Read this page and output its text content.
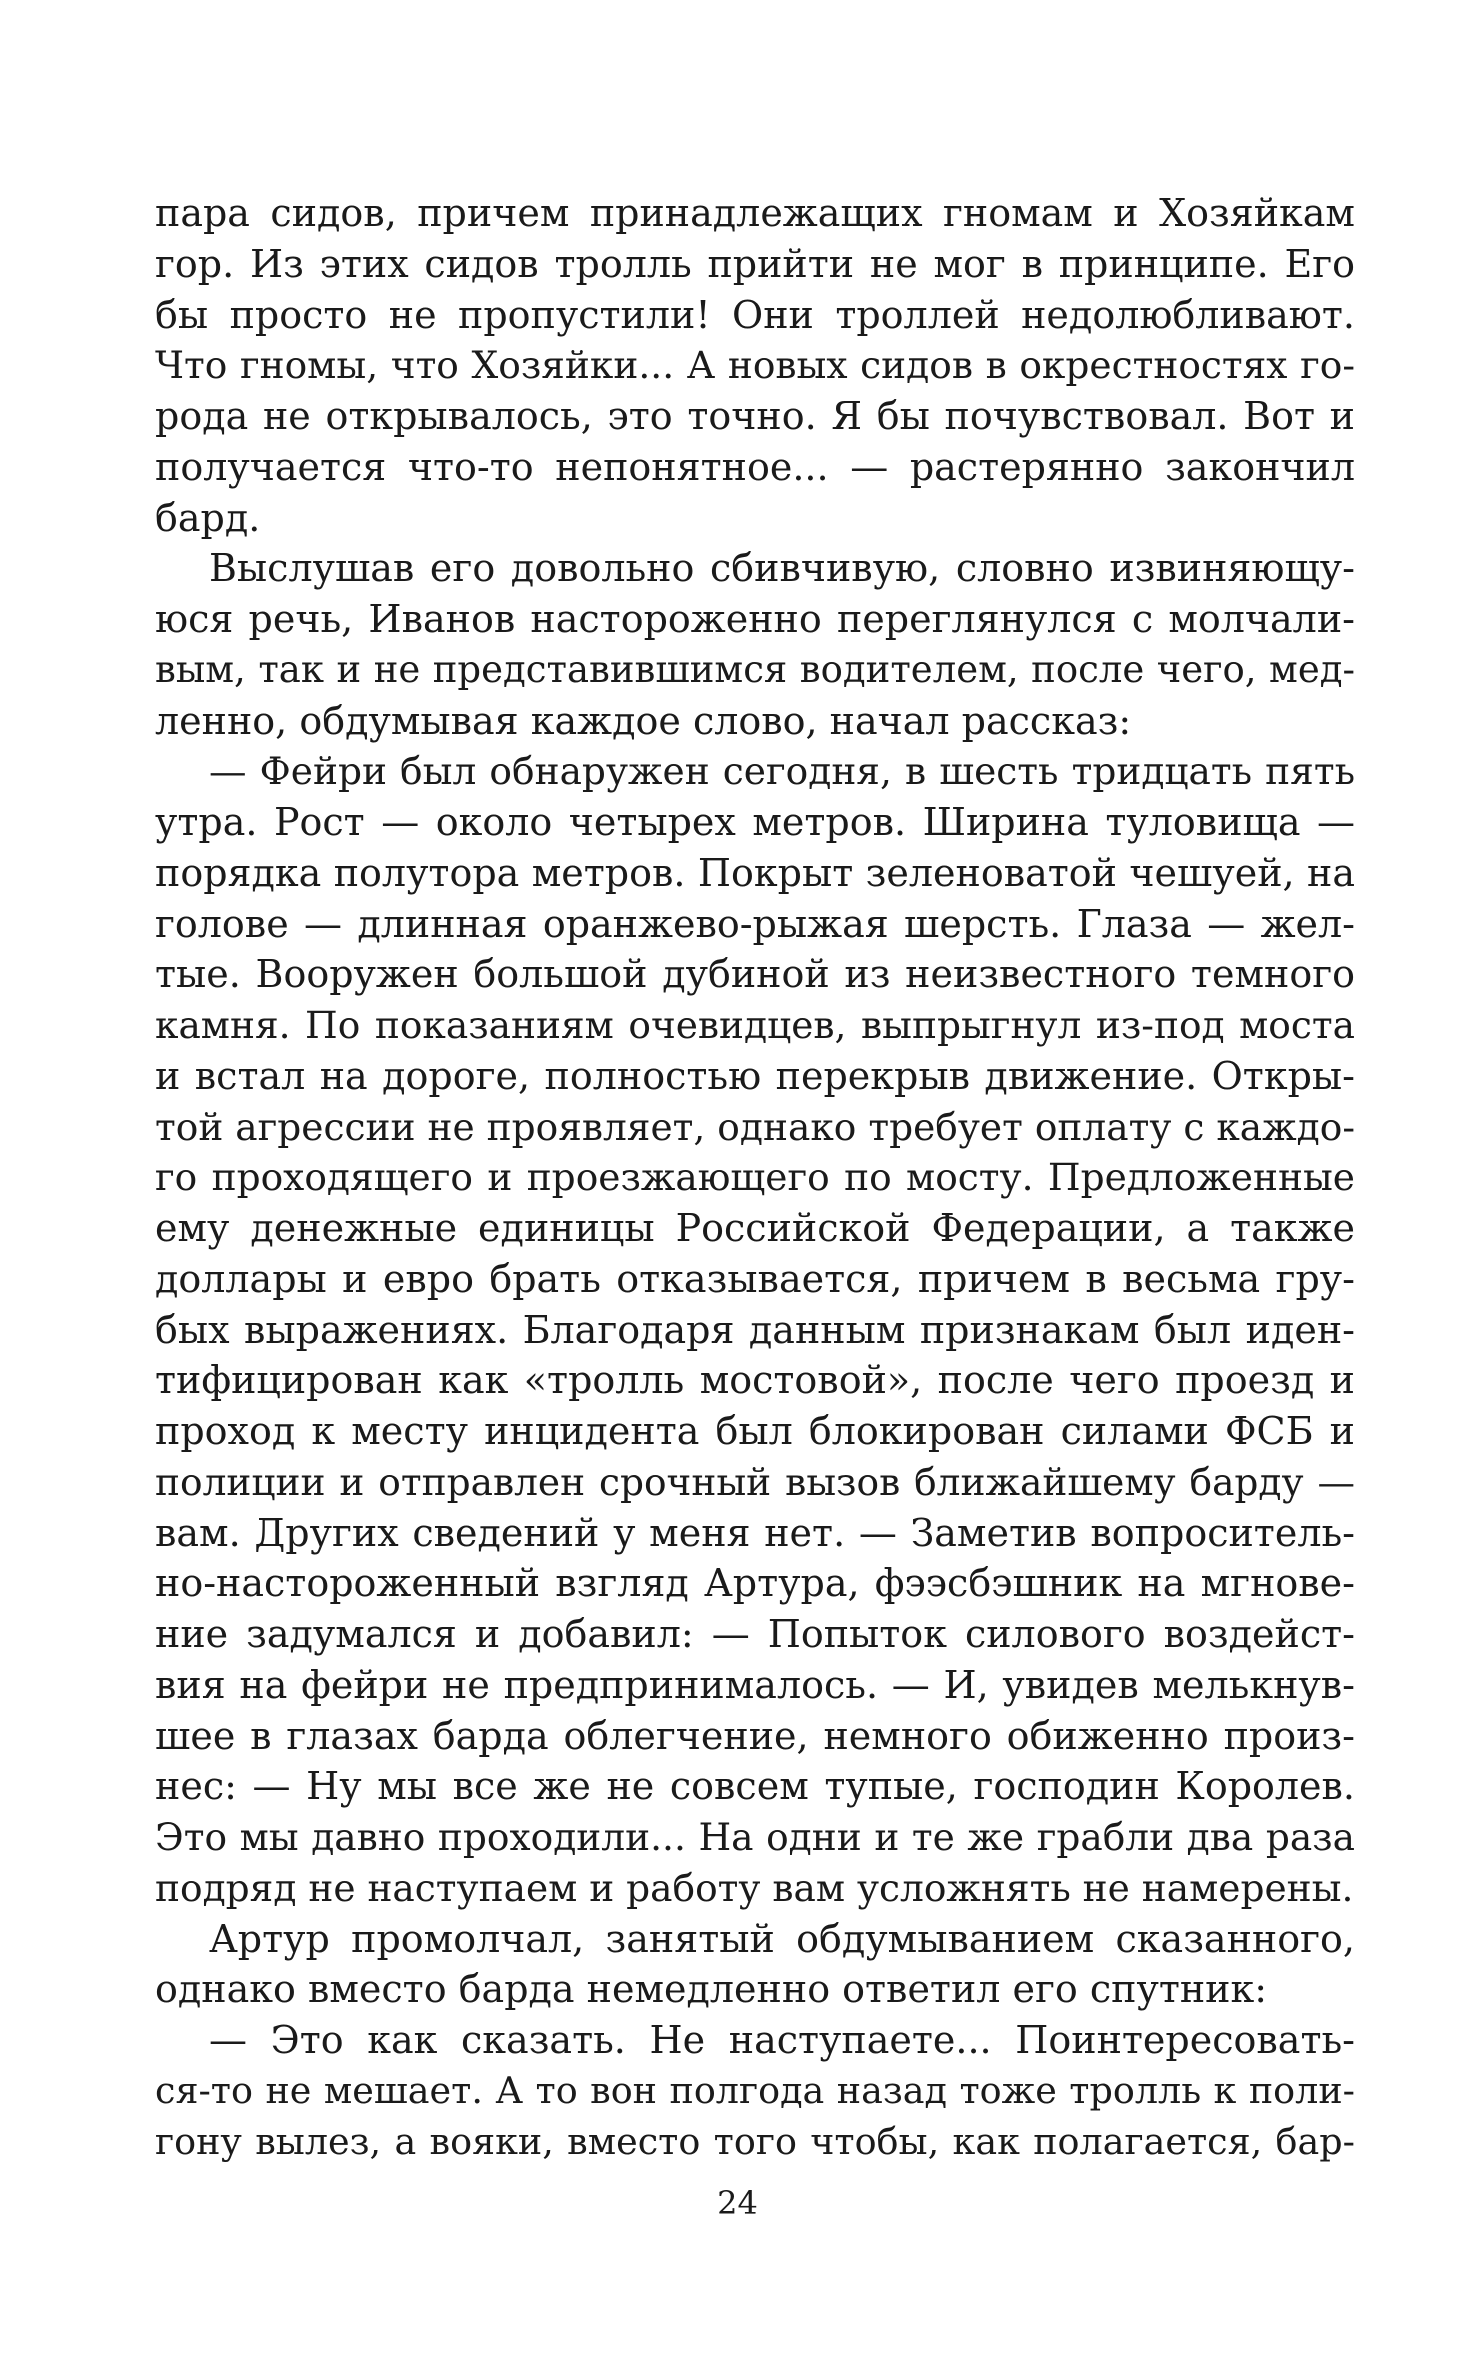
пара сидов, причем принадлежащих гномам и Хозяйкам
гор. Из этих сидов тролль прийти не мог в принципе. Его
бы просто не пропустили! Они троллей недолюбливают.
Что гномы, что Хозяйки... А новых сидов в окрестностях го-
рода не открывалось, это точно. Я бы почувствовал. Вот и
получается что-то непонятное... — растерянно закончил
бард.
Выслушав его довольно сбивчивую, словно извиняющу-
юся речь, Иванов настороженно переглянулся с молчали-
вым, так и не представившимся водителем, после чего, мед-
ленно, обдумывая каждое слово, начал рассказ:
— Фейри был обнаружен сегодня, в шесть тридцать пять
утра. Рост — около четырех метров. Ширина туловища —
порядка полутора метров. Покрыт зеленоватой чешуей, на
голове — длинная оранжево-рыжая шерсть. Глаза — жел-
тые. Вооружен большой дубиной из неизвестного темного
камня. По показаниям очевидцев, выпрыгнул из-под моста
и встал на дороге, полностью перекрыв движение. Откры-
той агрессии не проявляет, однако требует оплату с каждо-
го проходящего и проезжающего по мосту. Предложенные
ему денежные единицы Российской Федерации, а также
доллары и евро брать отказывается, причем в весьма гру-
бых выражениях. Благодаря данным признакам был иден-
тифицирован как «тролль мостовой», после чего проезд и
проход к месту инцидента был блокирован силами ФСБ и
полиции и отправлен срочный вызов ближайшему барду —
вам. Других сведений у меня нет. — Заметив вопроситель-
но-настороженный взгляд Артура, фээсбэшник на мгнове-
ние задумался и добавил: — Попыток силового воздейст-
вия на фейри не предпринималось. — И, увидев мелькнув-
шее в глазах барда облегчение, немного обиженно произ-
нес: — Ну мы все же не совсем тупые, господин Королев.
Это мы давно проходили... На одни и те же грабли два раза
подряд не наступаем и работу вам усложнять не намерены.
Артур промолчал, занятый обдумыванием сказанного,
однако вместо барда немедленно ответил его спутник:
— Это как сказать. Не наступаете... Поинтересовать-
ся-то не мешает. А то вон полгода назад тоже тролль к поли-
гону вылез, а вояки, вместо того чтобы, как полагается, бар-
24
